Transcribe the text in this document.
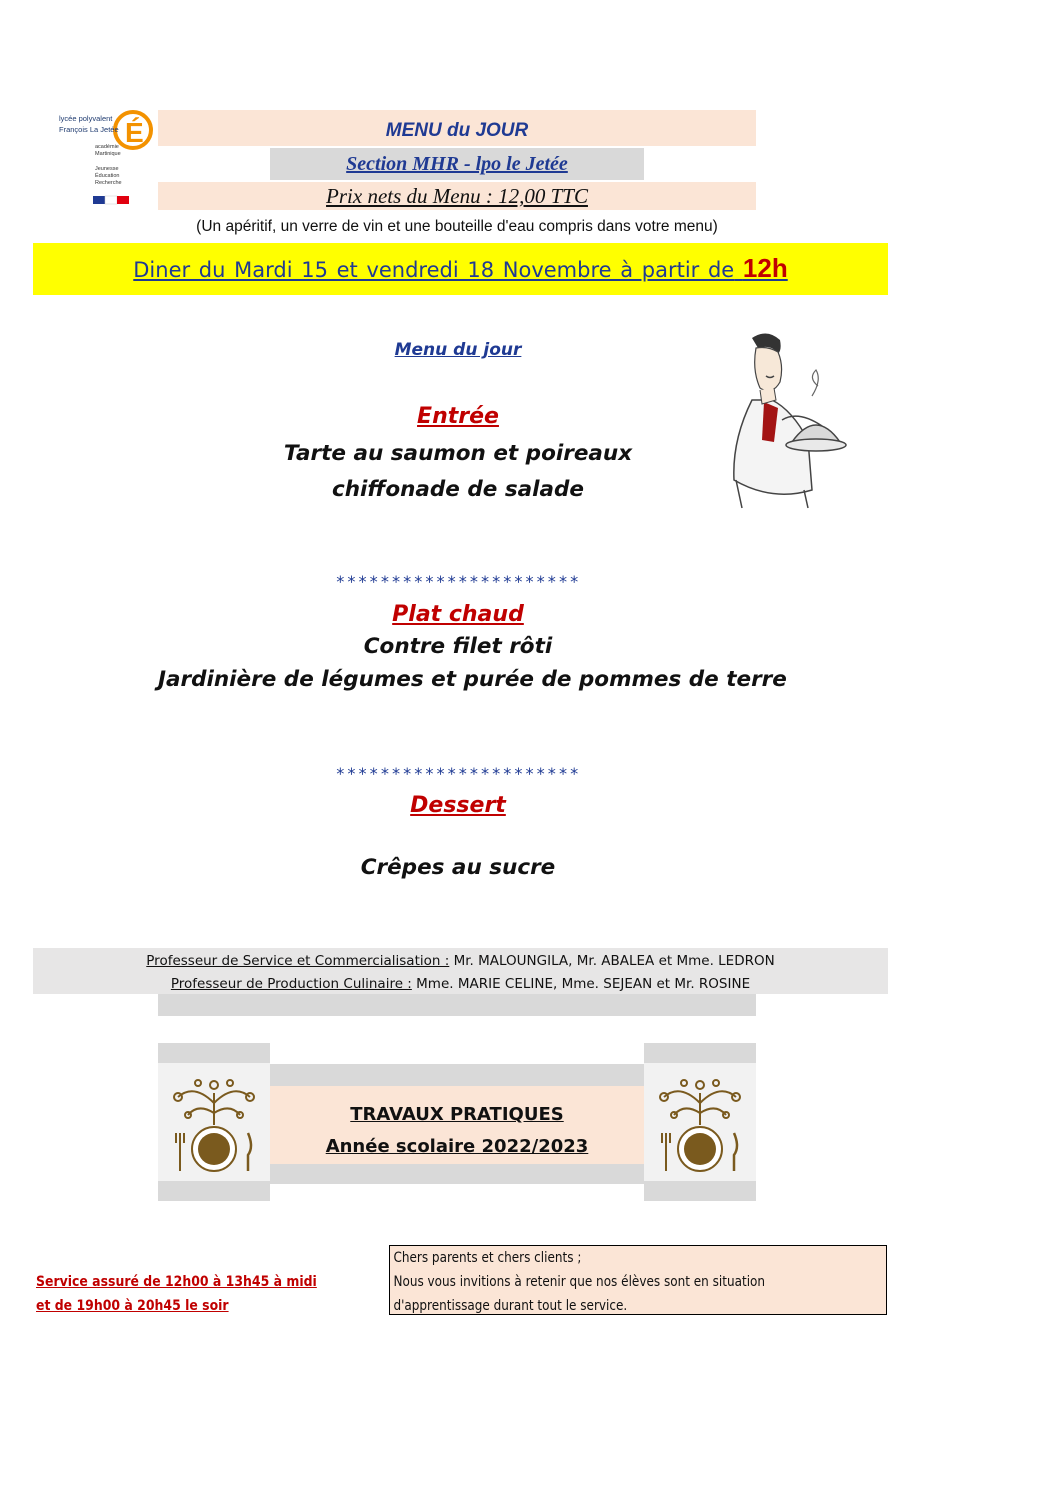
É
lycée polyvalent
François La Jetée
académie
Martinique
Jeunesse
Éducation
Recherche
MENU du JOUR
Section MHR - lpo le Jetée
Prix nets du Menu : 12,00 TTC
(Un apéritif, un verre de vin et une bouteille d'eau compris dans votre menu)
Diner du Mardi 15 et vendredi 18 Novembre à partir de 12h
Menu du jour
Entrée
Tarte au saumon et poireaux
chiffonade de salade
**********************
Plat chaud
Contre filet rôti
Jardinière de légumes et purée de pommes de terre
**********************
Dessert
Crêpes au sucre
Professeur de Service et Commercialisation : Mr. MALOUNGILA, Mr. ABALEA et Mme. LEDRON
Professeur de Production Culinaire : Mme. MARIE CELINE, Mme. SEJEAN et Mr. ROSINE
TRAVAUX PRATIQUES
Année scolaire 2022/2023
Service assuré de 12h00 à 13h45 à midi
et de 19h00 à 20h45 le soir
Chers parents et chers clients ;
Nous vous invitions à retenir que nos élèves sont en situation
d'apprentissage durant tout le service.
